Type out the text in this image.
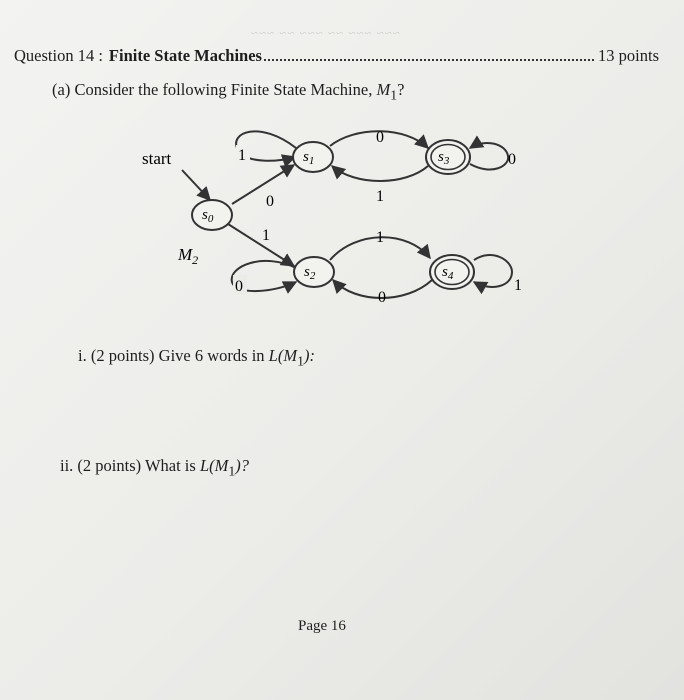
~~~ ~~~ ~~ ~~~ ~~ ~~~
Question 14 : Finite State Machines	13 points
(a) Consider the following Finite State Machine, $M_1$?
start
$M_2$
1
0
1
0
0
1	1
0
0	1
$s_0$
$s_1$	$s_3$
$s_2$	$s_4$
i. (2 points) Give 6 words in $L(M_1)$:
ii. (2 points) What is $L(M_1)$?
Page 16
